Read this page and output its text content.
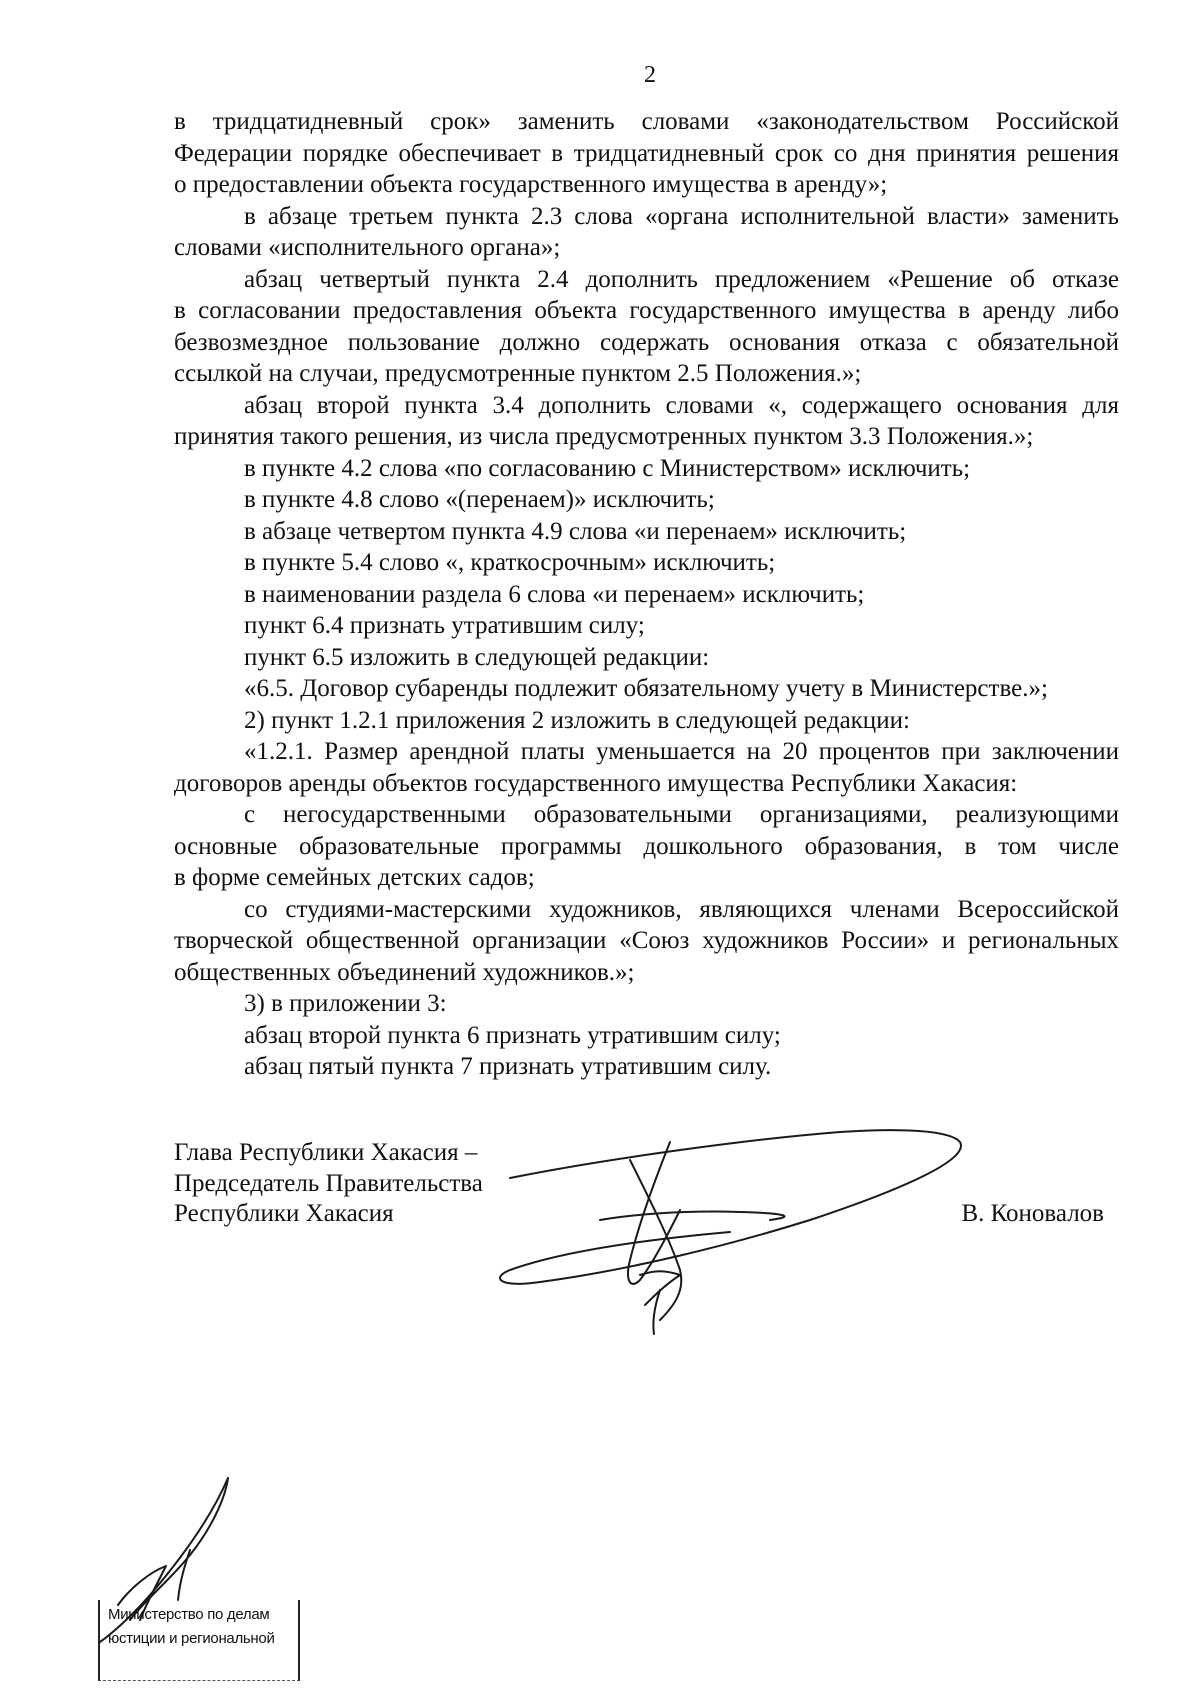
2

в тридцатидневный срок» заменить словами «законодательством Российской

Федерации порядке обеспечивает в тридцатидневный срок со дня принятия решения

о предоставлении объекта государственного имущества в аренду»;

в абзаце третьем пункта 2.3 слова «органа исполнительной власти» заменить

словами «исполнительного органа»;

абзац четвертый пункта 2.4 дополнить предложением «Решение об отказе

в согласовании предоставления объекта государственного имущества в аренду либо

безвозмездное пользование должно содержать основания отказа с обязательной

ссылкой на случаи, предусмотренные пунктом 2.5 Положения.»;

абзац второй пункта 3.4 дополнить словами «, содержащего основания для

принятия такого решения, из числа предусмотренных пунктом 3.3 Положения.»;

в пункте 4.2 слова «по согласованию с Министерством» исключить;

в пункте 4.8 слово «(перенаем)» исключить;

в абзаце четвертом пункта 4.9 слова «и перенаем» исключить;

в пункте 5.4 слово «, краткосрочным» исключить;

в наименовании раздела 6 слова «и перенаем» исключить;

пункт 6.4 признать утратившим силу;

пункт 6.5 изложить в следующей редакции:

«6.5. Договор субаренды подлежит обязательному учету в Министерстве.»;

2) пункт 1.2.1 приложения 2 изложить в следующей редакции:

«1.2.1. Размер арендной платы уменьшается на 20 процентов при заключении

договоров аренды объектов государственного имущества Республики Хакасия:

с негосударственными образовательными организациями, реализующими

основные образовательные программы дошкольного образования, в том числе

в форме семейных детских садов;

со студиями-мастерскими художников, являющихся членами Всероссийской

творческой общественной организации «Союз художников России» и региональных

общественных объединений художников.»;

3) в приложении 3:

абзац второй пункта 6 признать утратившим силу;

абзац пятый пункта 7 признать утратившим силу.

Глава Республики Хакасия –
Председатель Правительства
Республики Хакасия	В. Коновалов
Министерство по делам
юстиции и региональной
